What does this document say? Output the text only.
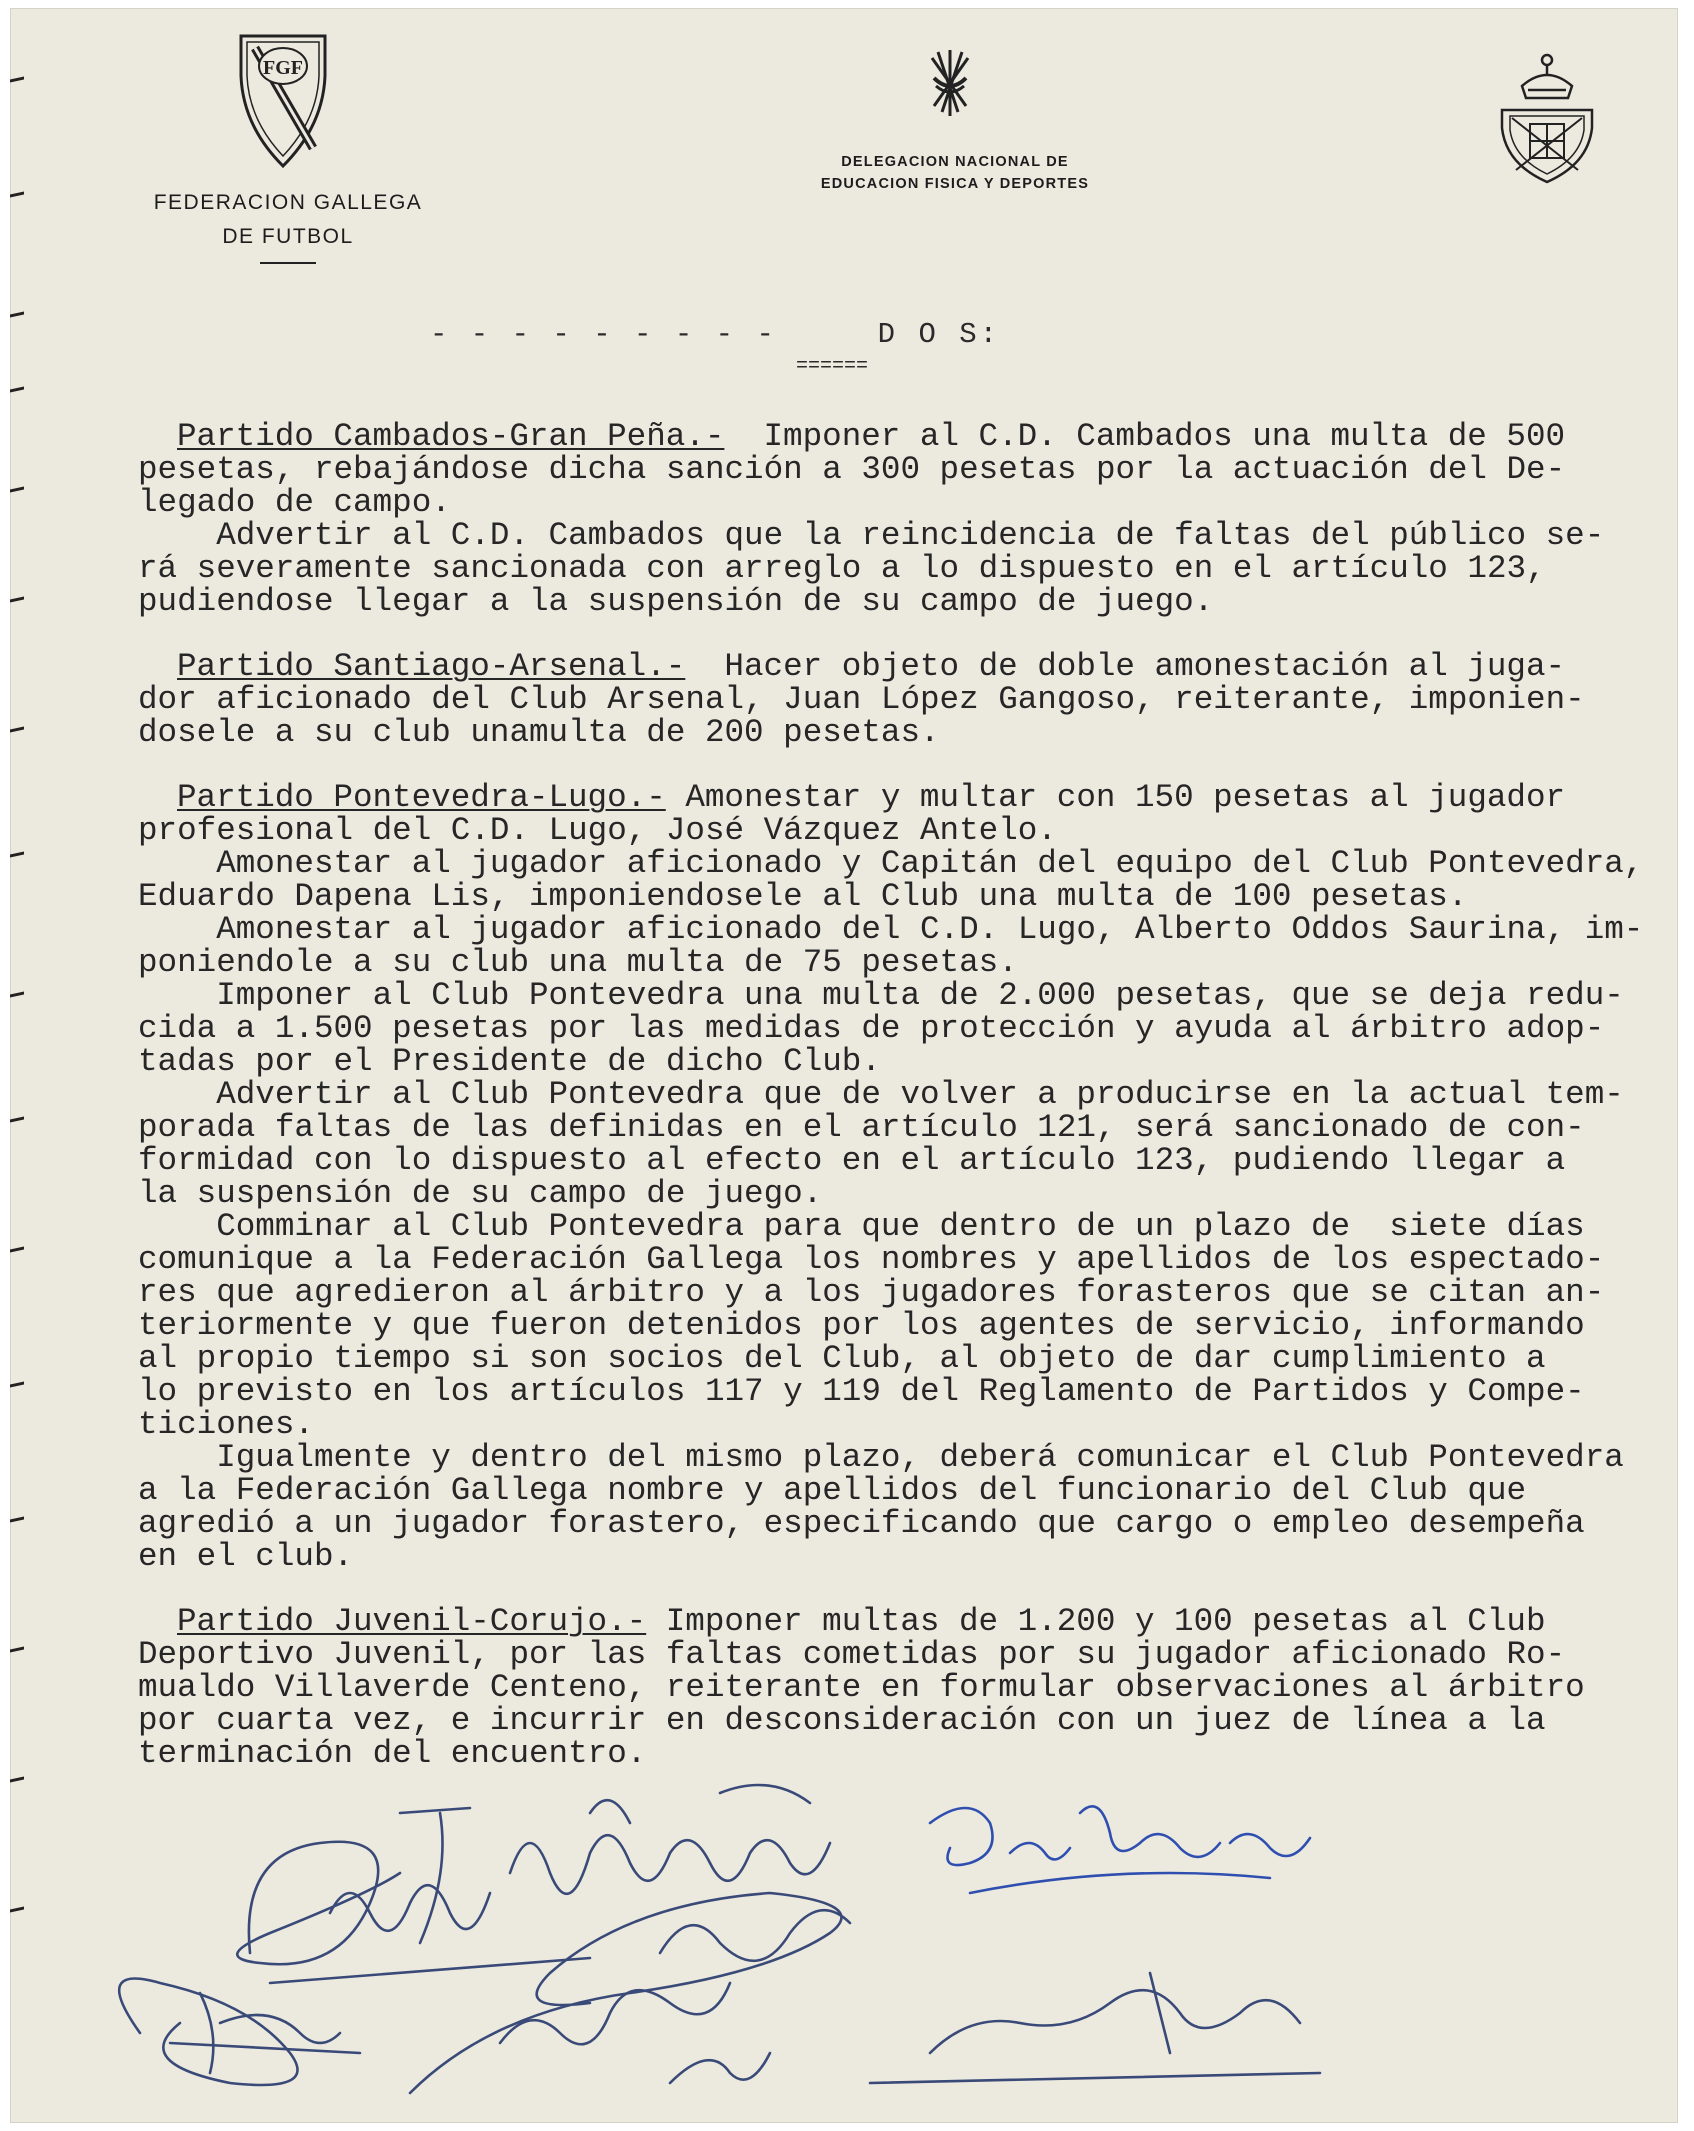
FGF
FEDERACION GALLEGA
DE FUTBOL
DELEGACION NACIONAL DE
EDUCACION FISICA Y DEPORTES
- - - - - - - - -	D O S:
======
Partido Cambados-Gran Peña.-  Imponer al C.D. Cambados una multa de 500
pesetas, rebajándose dicha sanción a 300 pesetas por la actuación del De-
legado de campo.
Advertir al C.D. Cambados que la reincidencia de faltas del público se-
rá severamente sancionada con arreglo a lo dispuesto en el artículo 123,
pudiendose llegar a la suspensión de su campo de juego.
Partido Santiago-Arsenal.-  Hacer objeto de doble amonestación al juga-
dor aficionado del Club Arsenal, Juan López Gangoso, reiterante, imponien-
dosele a su club unamulta de 200 pesetas.
Partido Pontevedra-Lugo.- Amonestar y multar con 150 pesetas al jugador
profesional del C.D. Lugo, José Vázquez Antelo.
Amonestar al jugador aficionado y Capitán del equipo del Club Pontevedra,
Eduardo Dapena Lis, imponiendosele al Club una multa de 100 pesetas.
Amonestar al jugador aficionado del C.D. Lugo, Alberto Oddos Saurina, im-
poniendole a su club una multa de 75 pesetas.
Imponer al Club Pontevedra una multa de 2.000 pesetas, que se deja redu-
cida a 1.500 pesetas por las medidas de protección y ayuda al árbitro adop-
tadas por el Presidente de dicho Club.
Advertir al Club Pontevedra que de volver a producirse en la actual tem-
porada faltas de las definidas en el artículo 121, será sancionado de con-
formidad con lo dispuesto al efecto en el artículo 123, pudiendo llegar a
la suspensión de su campo de juego.
Comminar al Club Pontevedra para que dentro de un plazo de  siete días
comunique a la Federación Gallega los nombres y apellidos de los espectado-
res que agredieron al árbitro y a los jugadores forasteros que se citan an-
teriormente y que fueron detenidos por los agentes de servicio, informando
al propio tiempo si son socios del Club, al objeto de dar cumplimiento a
lo previsto en los artículos 117 y 119 del Reglamento de Partidos y Compe-
ticiones.
Igualmente y dentro del mismo plazo, deberá comunicar el Club Pontevedra
a la Federación Gallega nombre y apellidos del funcionario del Club que
agredió a un jugador forastero, especificando que cargo o empleo desempeña
en el club.
Partido Juvenil-Corujo.- Imponer multas de 1.200 y 100 pesetas al Club
Deportivo Juvenil, por las faltas cometidas por su jugador aficionado Ro-
mualdo Villaverde Centeno, reiterante en formular observaciones al árbitro
por cuarta vez, e incurrir en desconsideración con un juez de línea a la
terminación del encuentro.
